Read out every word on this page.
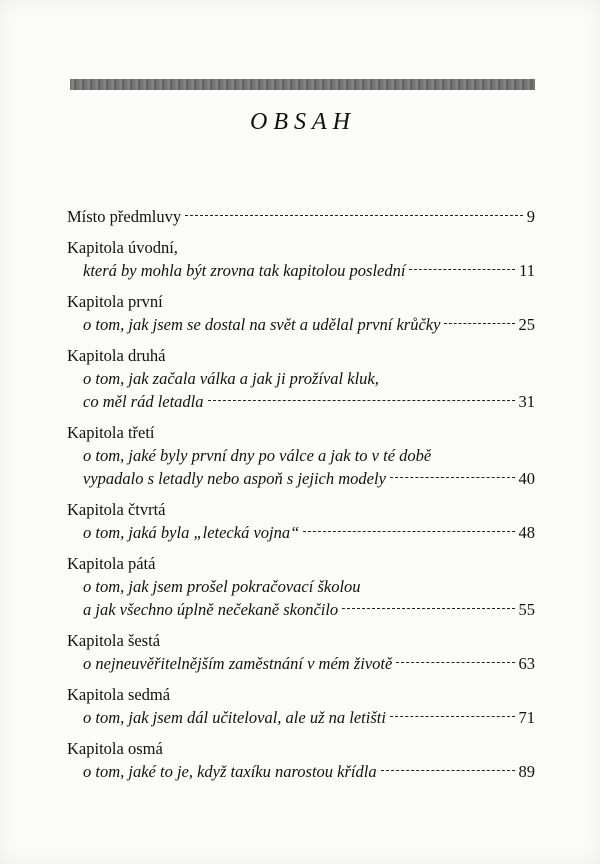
OBSAH
Místo předmluvy	9
Kapitola úvodní,
která by mohla být zrovna tak kapitolou poslední	11
Kapitola první
o tom, jak jsem se dostal na svět a udělal první krůčky	25
Kapitola druhá
o tom, jak začala válka a jak ji prožíval kluk,
co měl rád letadla	31
Kapitola třetí
o tom, jaké byly první dny po válce a jak to v té době
vypadalo s letadly nebo aspoň s jejich modely	40
Kapitola čtvrtá
o tom, jaká byla „letecká vojna“	48
Kapitola pátá
o tom, jak jsem prošel pokračovací školou
a jak všechno úplně nečekaně skončilo	55
Kapitola šestá
o nejneuvěřitelnějším zaměstnání v mém životě	63
Kapitola sedmá
o tom, jak jsem dál učiteloval, ale už na letišti	71
Kapitola osmá
o tom, jaké to je, když taxíku narostou křídla	89
